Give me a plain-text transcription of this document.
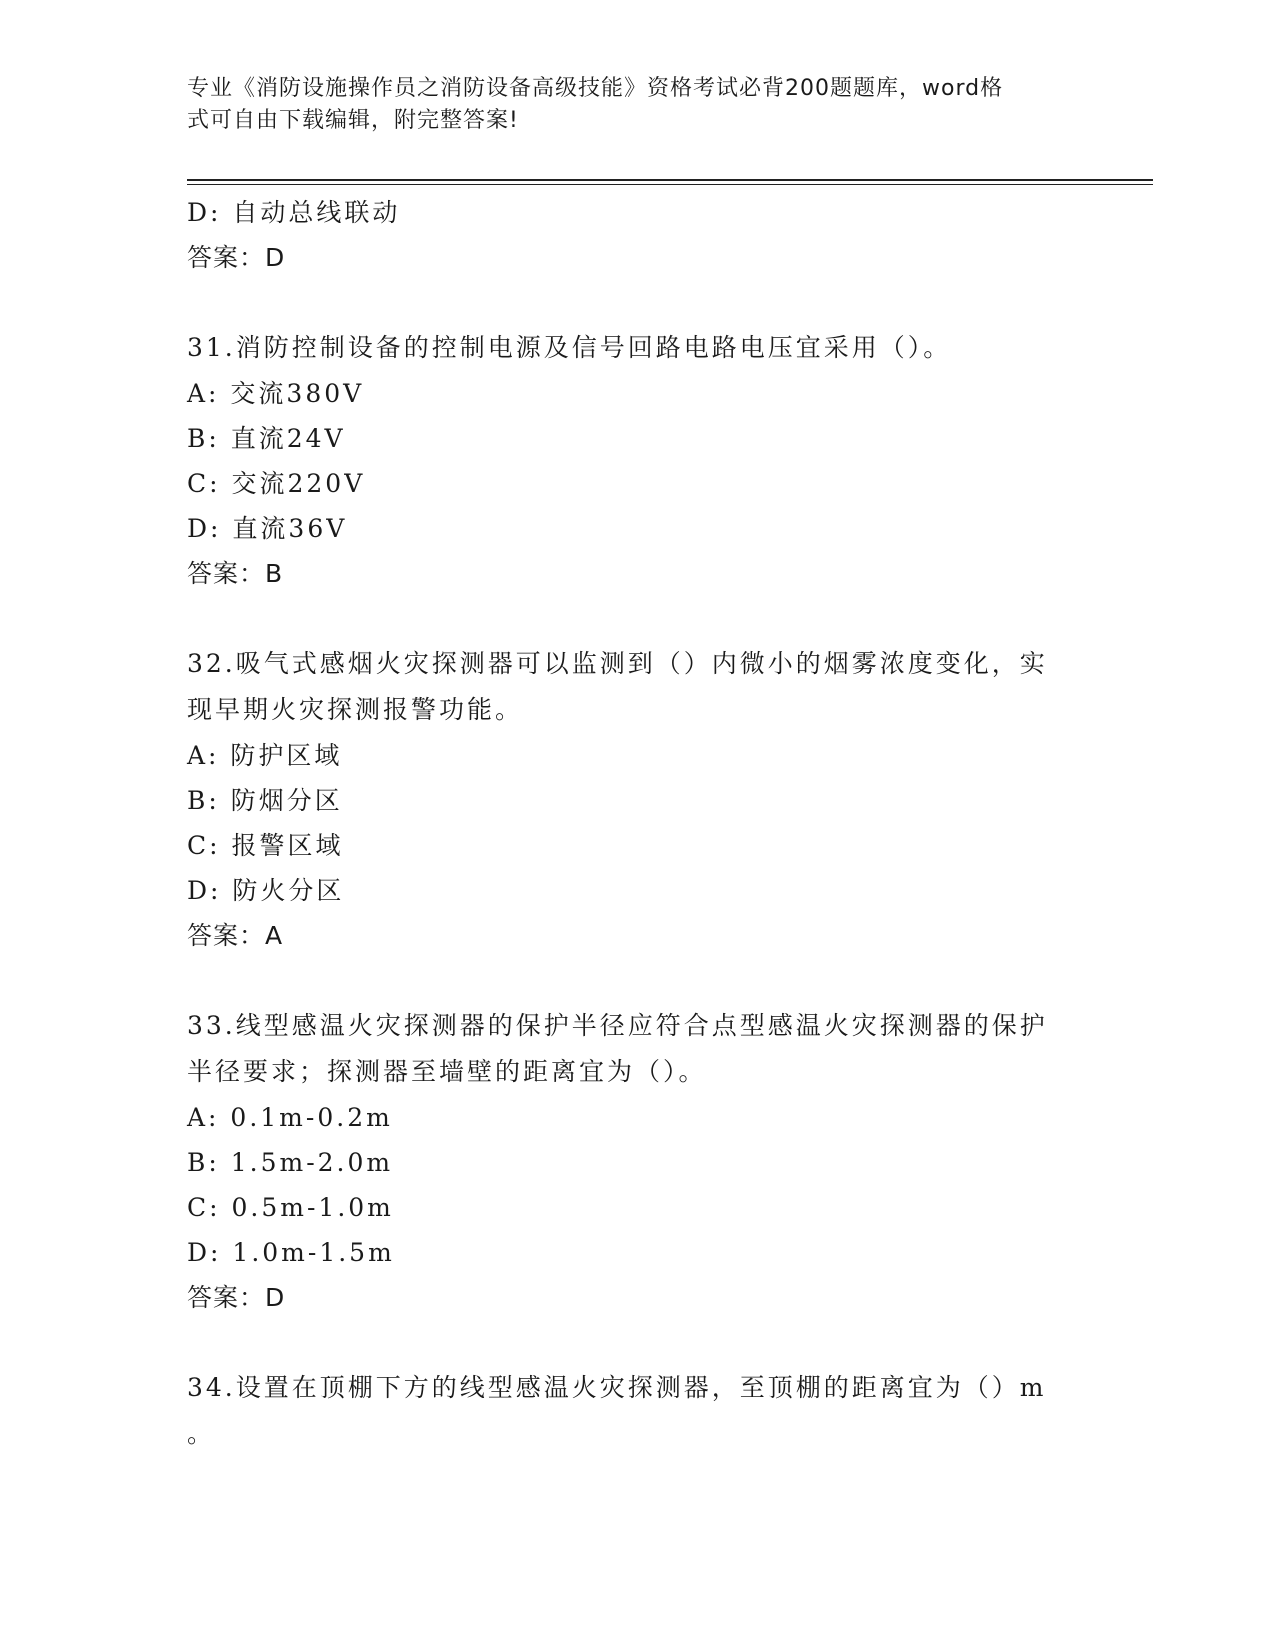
专业《消防设施操作员之消防设备高级技能》资格考试必背200题题库，word格
式可自由下载编辑，附完整答案!
D: 自动总线联动
答案：D
31.消防控制设备的控制电源及信号回路电路电压宜采用（）。
A: 交流380V
B: 直流24V
C: 交流220V
D: 直流36V
答案：B
32.吸气式感烟火灾探测器可以监测到（）内微小的烟雾浓度变化，实
现早期火灾探测报警功能。
A: 防护区域
B: 防烟分区
C: 报警区域
D: 防火分区
答案：A
33.线型感温火灾探测器的保护半径应符合点型感温火灾探测器的保护
半径要求；探测器至墙壁的距离宜为（）。
A: 0.1m-0.2m
B: 1.5m-2.0m
C: 0.5m-1.0m
D: 1.0m-1.5m
答案：D
34.设置在顶棚下方的线型感温火灾探测器，至顶棚的距离宜为（）m
。
